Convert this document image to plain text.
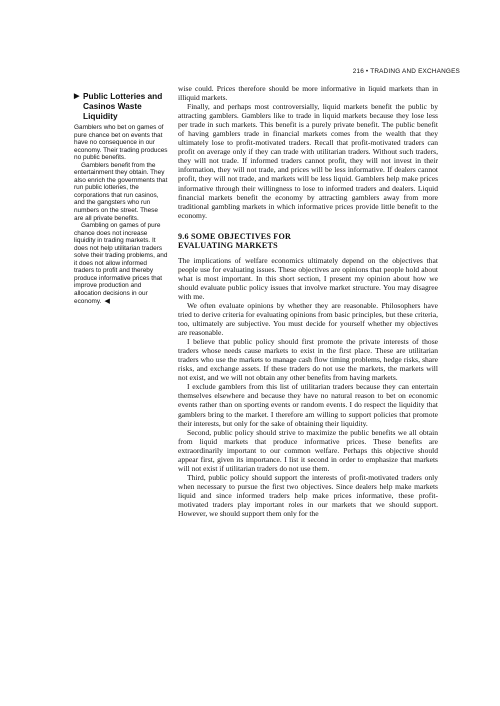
216 • TRADING AND EXCHANGES
▶ Public Lotteries and
Casinos Waste Liquidity

Gamblers who bet on games of pure chance bet on events that have no consequence in our economy. Their trading produces no public benefits.

Gamblers benefit from the entertainment they obtain. They also enrich the governments that run public lotteries, the corporations that run casinos, and the gangsters who run numbers on the street. These are all private benefits.

Gambling on games of pure chance does not increase liquidity in trading markets. It does not help utilitarian traders solve their trading problems, and it does not allow informed traders to profit and thereby produce informative prices that improve production and allocation decisions in our economy. ◀

wise could. Prices therefore should be more informative in liquid markets than in illiquid markets.

Finally, and perhaps most controversially, liquid markets benefit the public by attracting gamblers. Gamblers like to trade in liquid markets because they lose less per trade in such markets. This benefit is a purely private benefit. The public benefit of having gamblers trade in financial markets comes from the wealth that they ultimately lose to profit-motivated traders. Recall that profit-motivated traders can profit on average only if they can trade with utilitarian traders. Without such traders, they will not trade. If informed traders cannot profit, they will not invest in their information, they will not trade, and prices will be less informative. If dealers cannot profit, they will not trade, and markets will be less liquid. Gamblers help make prices informative through their willingness to lose to informed traders and dealers. Liquid financial markets benefit the economy by attracting gamblers away from more traditional gambling markets in which informative prices provide little benefit to the economy.

9.6 SOME OBJECTIVES FOR
EVALUATING MARKETS

The implications of welfare economics ultimately depend on the objectives that people use for evaluating issues. These objectives are opinions that people hold about what is most important. In this short section, I present my opinion about how we should evaluate public policy issues that involve market structure. You may disagree with me.

We often evaluate opinions by whether they are reasonable. Philosophers have tried to derive criteria for evaluating opinions from basic principles, but these criteria, too, ultimately are subjective. You must decide for yourself whether my objectives are reasonable.

I believe that public policy should first promote the private interests of those traders whose needs cause markets to exist in the first place. These are utilitarian traders who use the markets to manage cash flow timing problems, hedge risks, share risks, and exchange assets. If these traders do not use the markets, the markets will not exist, and we will not obtain any other benefits from having markets.

I exclude gamblers from this list of utilitarian traders because they can entertain themselves elsewhere and because they have no natural reason to bet on economic events rather than on sporting events or random events. I do respect the liquidity that gamblers bring to the market. I therefore am willing to support policies that promote their interests, but only for the sake of obtaining their liquidity.

Second, public policy should strive to maximize the public benefits we all obtain from liquid markets that produce informative prices. These benefits are extraordinarily important to our common welfare. Perhaps this objective should appear first, given its importance. I list it second in order to emphasize that markets will not exist if utilitarian traders do not use them.

Third, public policy should support the interests of profit-motivated traders only when necessary to pursue the first two objectives. Since dealers help make markets liquid and since informed traders help make prices informative, these profit-motivated traders play important roles in our markets that we should support. However, we should support them only for the
